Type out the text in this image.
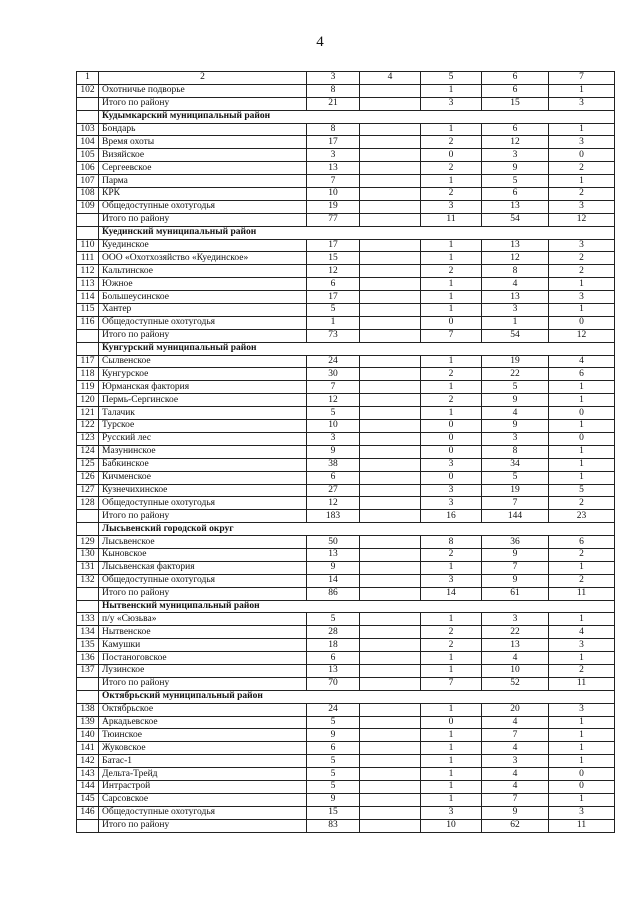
4
1	2	3	4	5	6	7
102	Охотничье подворье	8		1	6	1
	Итого по району	21		3	15	3
	Кудымкарский муниципальный район					
103	Бондарь	8		1	6	1
104	Время охоты	17		2	12	3
105	Визяйское	3		0	3	0
106	Сергеевское	13		2	9	2
107	Парма	7		1	5	1
108	КРК	10		2	6	2
109	Общедоступные охотугодья	19		3	13	3
	Итого по району	77		11	54	12
	Куединский муниципальный район					
110	Куединское	17		1	13	3
111	ООО «Охотхозяйство «Куединское»	15		1	12	2
112	Кальтинское	12		2	8	2
113	Южное	6		1	4	1
114	Большеусинское	17		1	13	3
115	Хантер	5		1	3	1
116	Общедоступные охотугодья	1		0	1	0
	Итого по району	73		7	54	12
	Кунгурский муниципальный район					
117	Сылвенское	24		1	19	4
118	Кунгурское	30		2	22	6
119	Юрманская фактория	7		1	5	1
120	Пермь-Сергинское	12		2	9	1
121	Талачик	5		1	4	0
122	Турское	10		0	9	1
123	Русский лес	3		0	3	0
124	Мазунинское	9		0	8	1
125	Бабкинское	38		3	34	1
126	Кичменское	6		0	5	1
127	Кузнечихинское	27		3	19	5
128	Общедоступные охотугодья	12		3	7	2
	Итого по району	183		16	144	23
	Лысьвенский городской округ					
129	Лысьвенское	50		8	36	6
130	Кыновское	13		2	9	2
131	Лысьвенская фактория	9		1	7	1
132	Общедоступные охотугодья	14		3	9	2
	Итого по району	86		14	61	11
	Нытвенский муниципальный район					
133	п/у «Сюзьва»	5		1	3	1
134	Нытвенское	28		2	22	4
135	Камушки	18		2	13	3
136	Постаноговское	6		1	4	1
137	Лузинское	13		1	10	2
	Итого по району	70		7	52	11
	Октябрьский муниципальный район					
138	Октябрьское	24		1	20	3
139	Аркадьевское	5		0	4	1
140	Тюинское	9		1	7	1
141	Жуковское	6		1	4	1
142	Батас-1	5		1	3	1
143	Дельта-Трейд	5		1	4	0
144	Интрастрой	5		1	4	0
145	Сарсовское	9		1	7	1
146	Общедоступные охотугодья	15		3	9	3
	Итого по району	83		10	62	11
